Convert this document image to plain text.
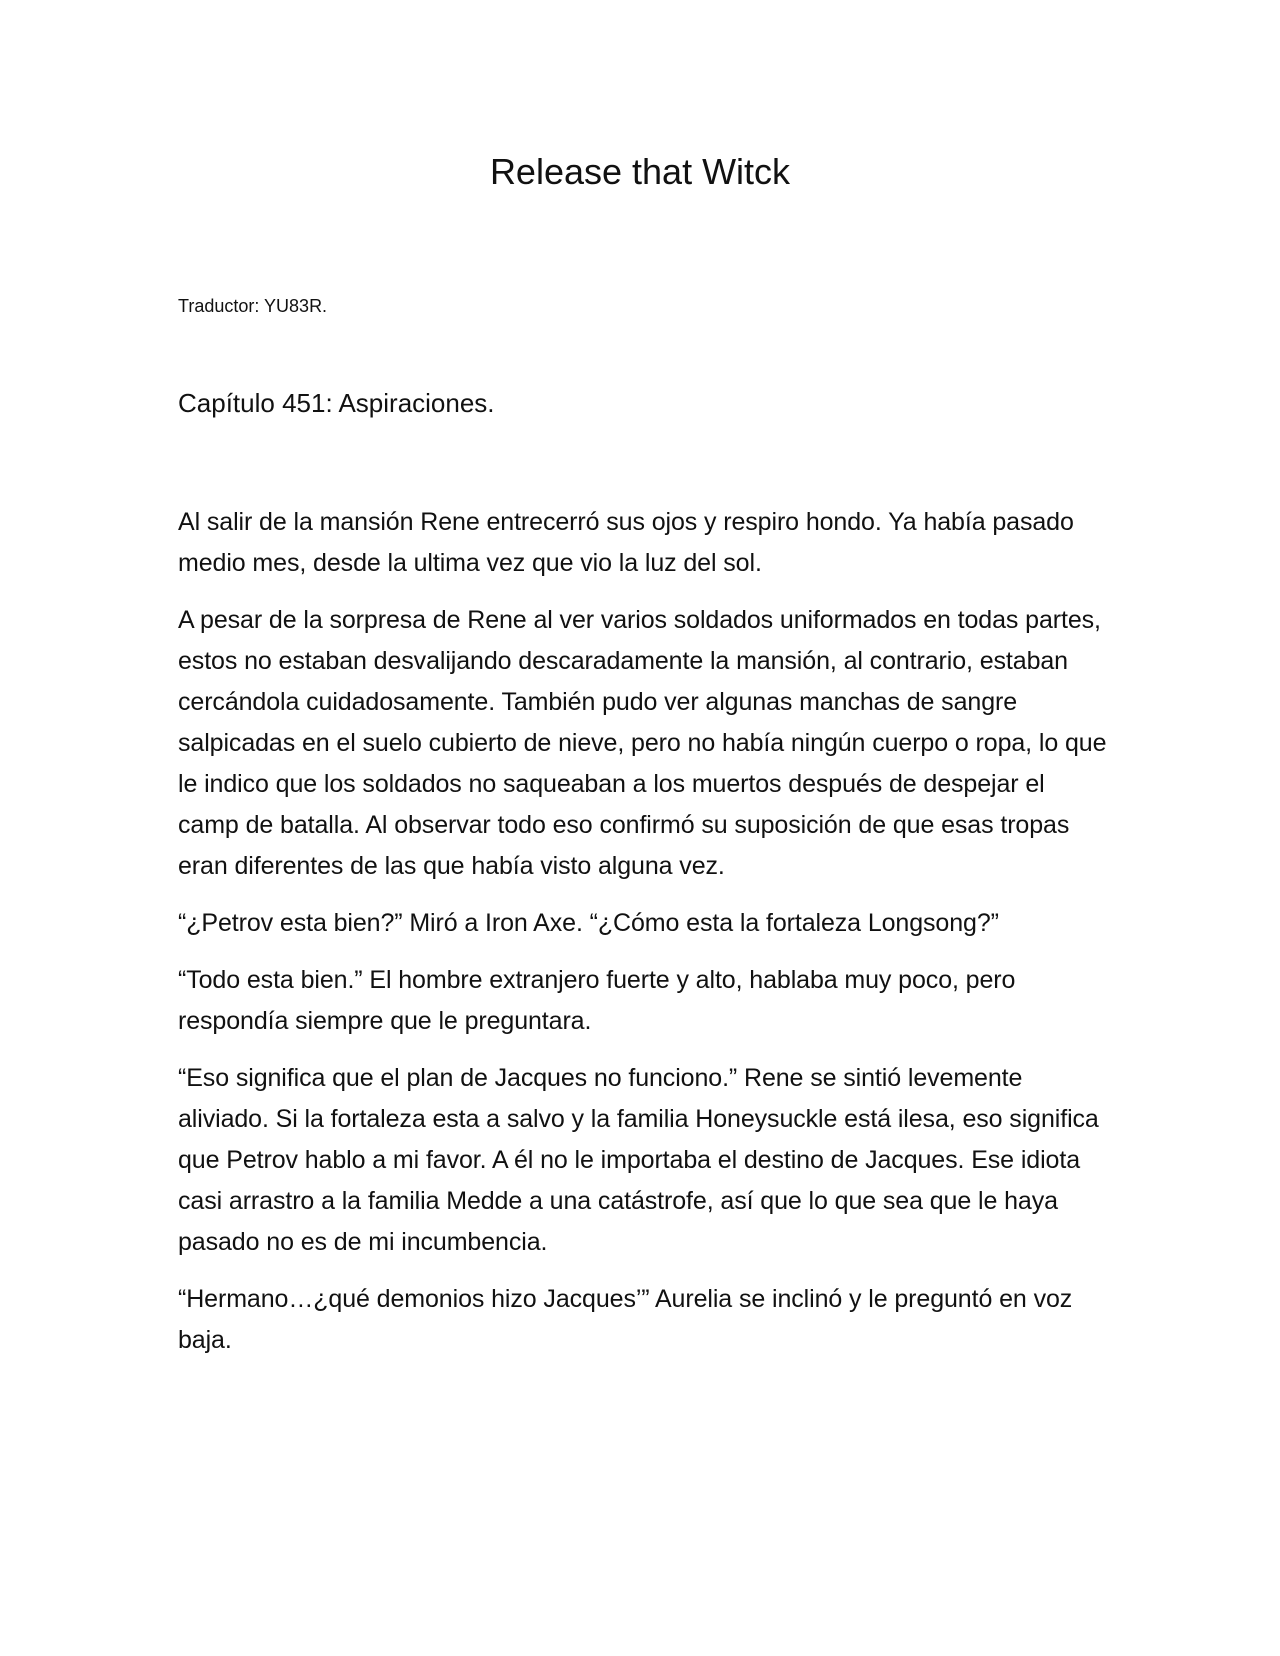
Release that Witck

Traductor: YU83R.

Capítulo 451: Aspiraciones.

Al salir de la mansión Rene entrecerró sus ojos y respiro hondo. Ya había pasado medio mes, desde la ultima vez que vio la luz del sol.

A pesar de la sorpresa de Rene al ver varios soldados uniformados en todas partes, estos no estaban desvalijando descaradamente la mansión, al contrario, estaban cercándola cuidadosamente. También pudo ver algunas manchas de sangre salpicadas en el suelo cubierto de nieve, pero no había ningún cuerpo o ropa, lo que le indico que los soldados no saqueaban a los muertos después de despejar el camp de batalla. Al observar todo eso confirmó su suposición de que esas tropas eran diferentes de las que había visto alguna vez.

“¿Petrov esta bien?” Miró a Iron Axe. “¿Cómo esta la fortaleza Longsong?”

“Todo esta bien.” El hombre extranjero fuerte y alto, hablaba muy poco, pero respondía siempre que le preguntara.

“Eso significa que el plan de Jacques no funciono.” Rene se sintió levemente aliviado. Si la fortaleza esta a salvo y la familia Honeysuckle está ilesa, eso significa que Petrov hablo a mi favor. A él no le importaba el destino de Jacques. Ese idiota casi arrastro a la familia Medde a una catástrofe, así que lo que sea que le haya pasado no es de mi incumbencia.

“Hermano…¿qué demonios hizo Jacques’” Aurelia se inclinó y le preguntó en voz baja.
